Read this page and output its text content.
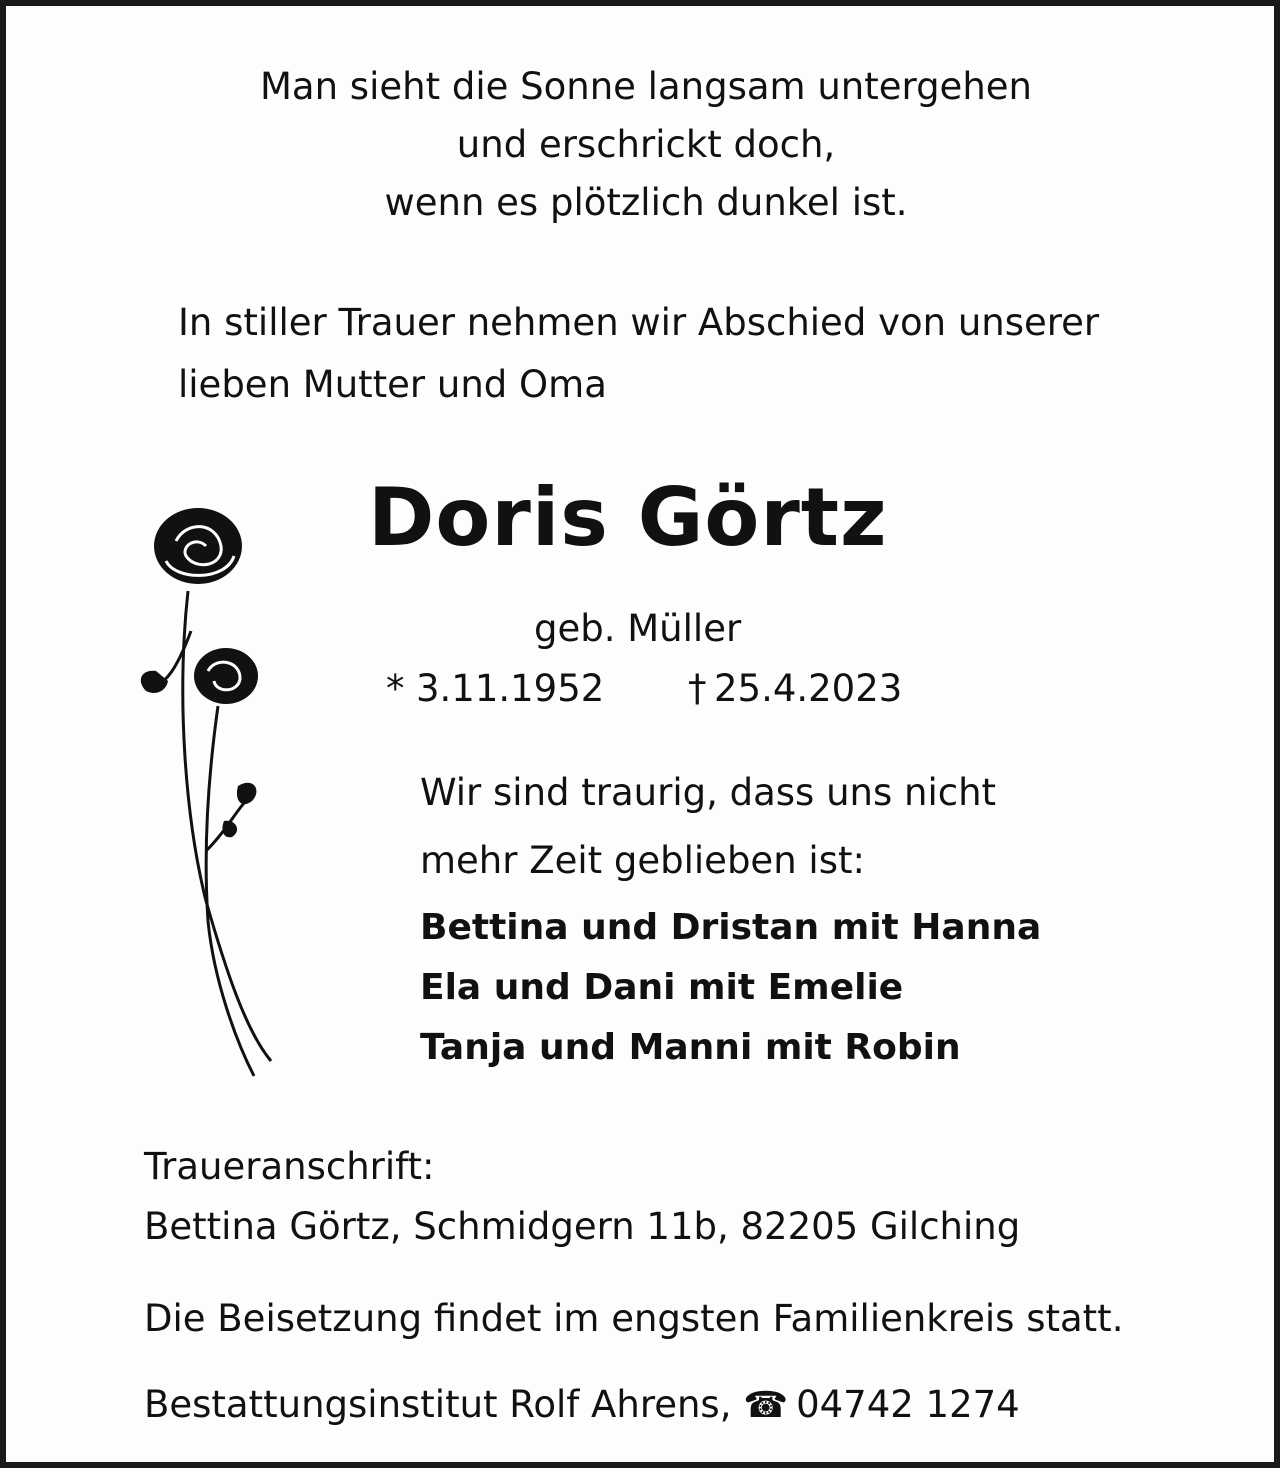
Man sieht die Sonne langsam untergehen
und erschrickt doch,
wenn es plötzlich dunkel ist.
In stiller Trauer nehmen wir Abschied von unserer
lieben Mutter und Oma
Doris Görtz
geb. Müller
* 3.11.1952 † 25.4.2023
Wir sind traurig, dass uns nicht
mehr Zeit geblieben ist:
Bettina und Dristan mit Hanna
Ela und Dani mit Emelie
Tanja und Manni mit Robin
Traueranschrift:
Bettina Görtz, Schmidgern 11b, 82205 Gilching
Die Beisetzung findet im engsten Familienkreis statt.
Bestattungsinstitut Rolf Ahrens, ☎ 04742 1274
